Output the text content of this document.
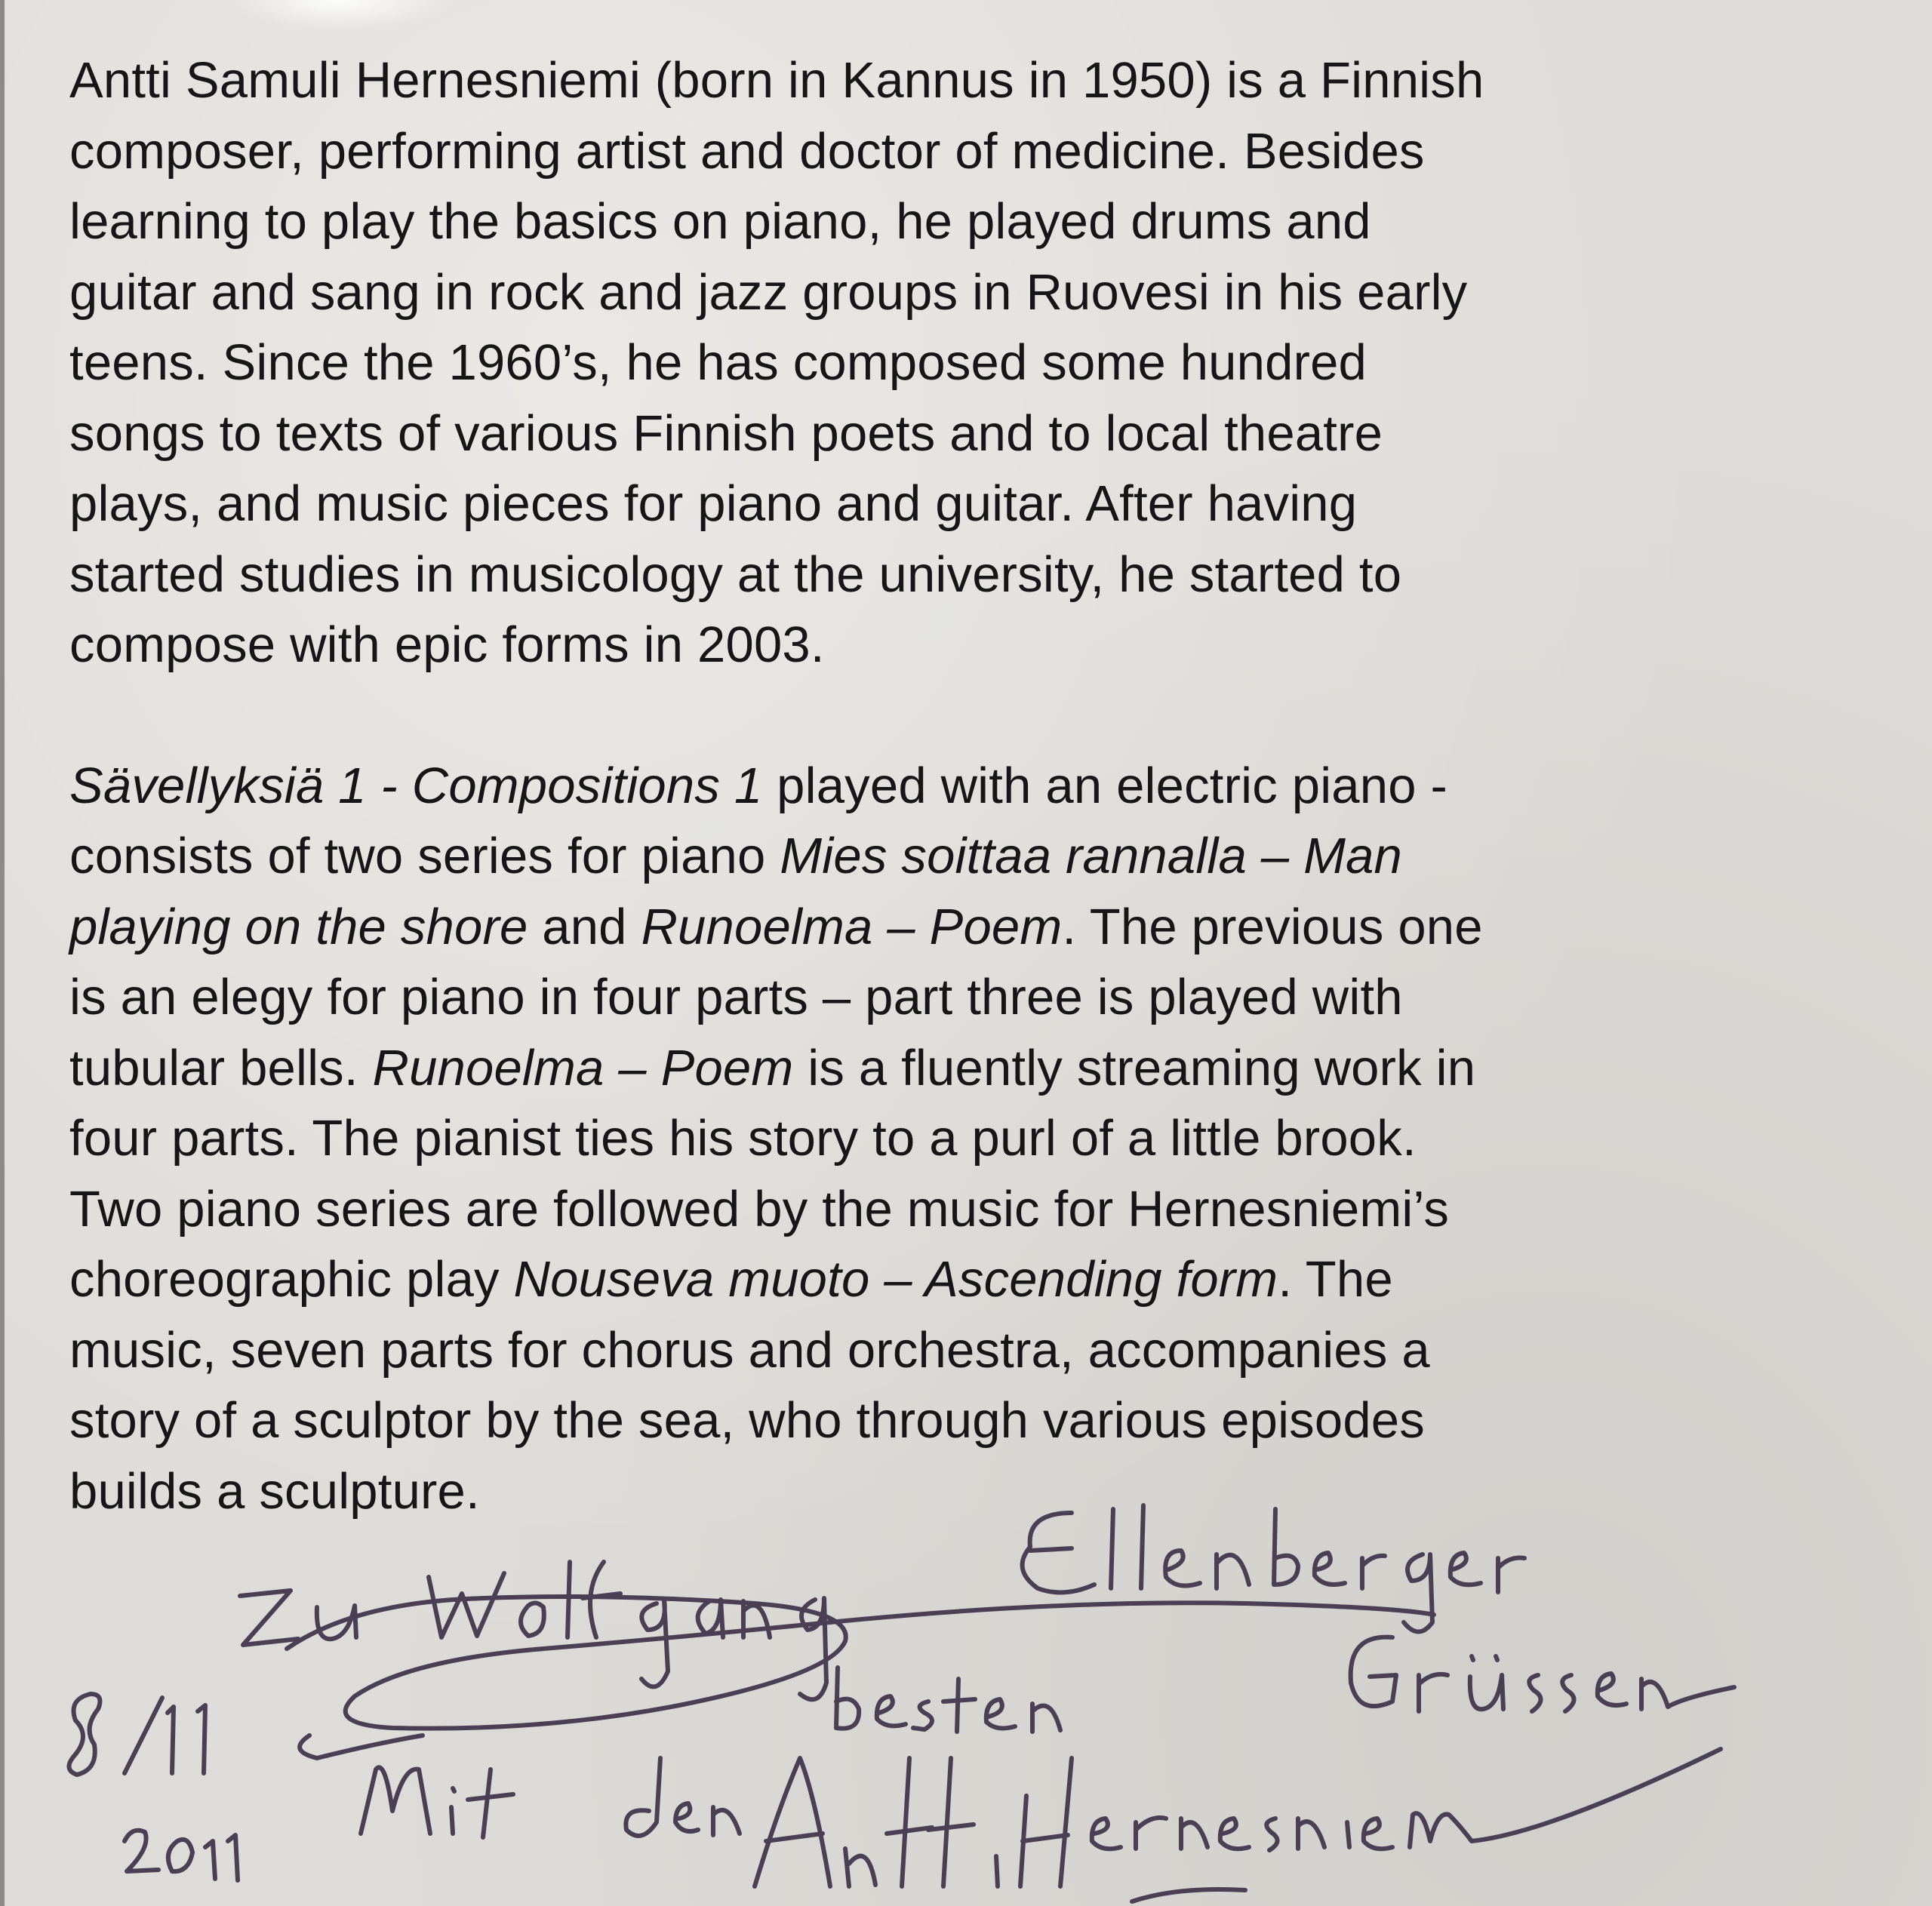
Antti Samuli Hernesniemi (born in Kannus in 1950) is a Finnish
composer, performing artist and doctor of medicine. Besides
learning to play the basics on piano, he played drums and
guitar and sang in rock and jazz groups in Ruovesi in his early
teens. Since the 1960’s, he has composed some hundred
songs to texts of various Finnish poets and to local theatre
plays, and music pieces for piano and guitar. After having
started studies in musicology at the university, he started to
compose with epic forms in 2003.

Sävellyksiä 1 - Compositions 1 played with an electric piano -
consists of two series for piano Mies soittaa rannalla – Man
playing on the shore and Runoelma – Poem. The previous one
is an elegy for piano in four parts – part three is played with
tubular bells. Runoelma – Poem is a fluently streaming work in
four parts. The pianist ties his story to a purl of a little brook.
Two piano series are followed by the music for Hernesniemi’s
choreographic play Nouseva muoto – Ascending form. The
music, seven parts for chorus and orchestra, accompanies a
story of a sculptor by the sea, who through various episodes
builds a sculpture.
